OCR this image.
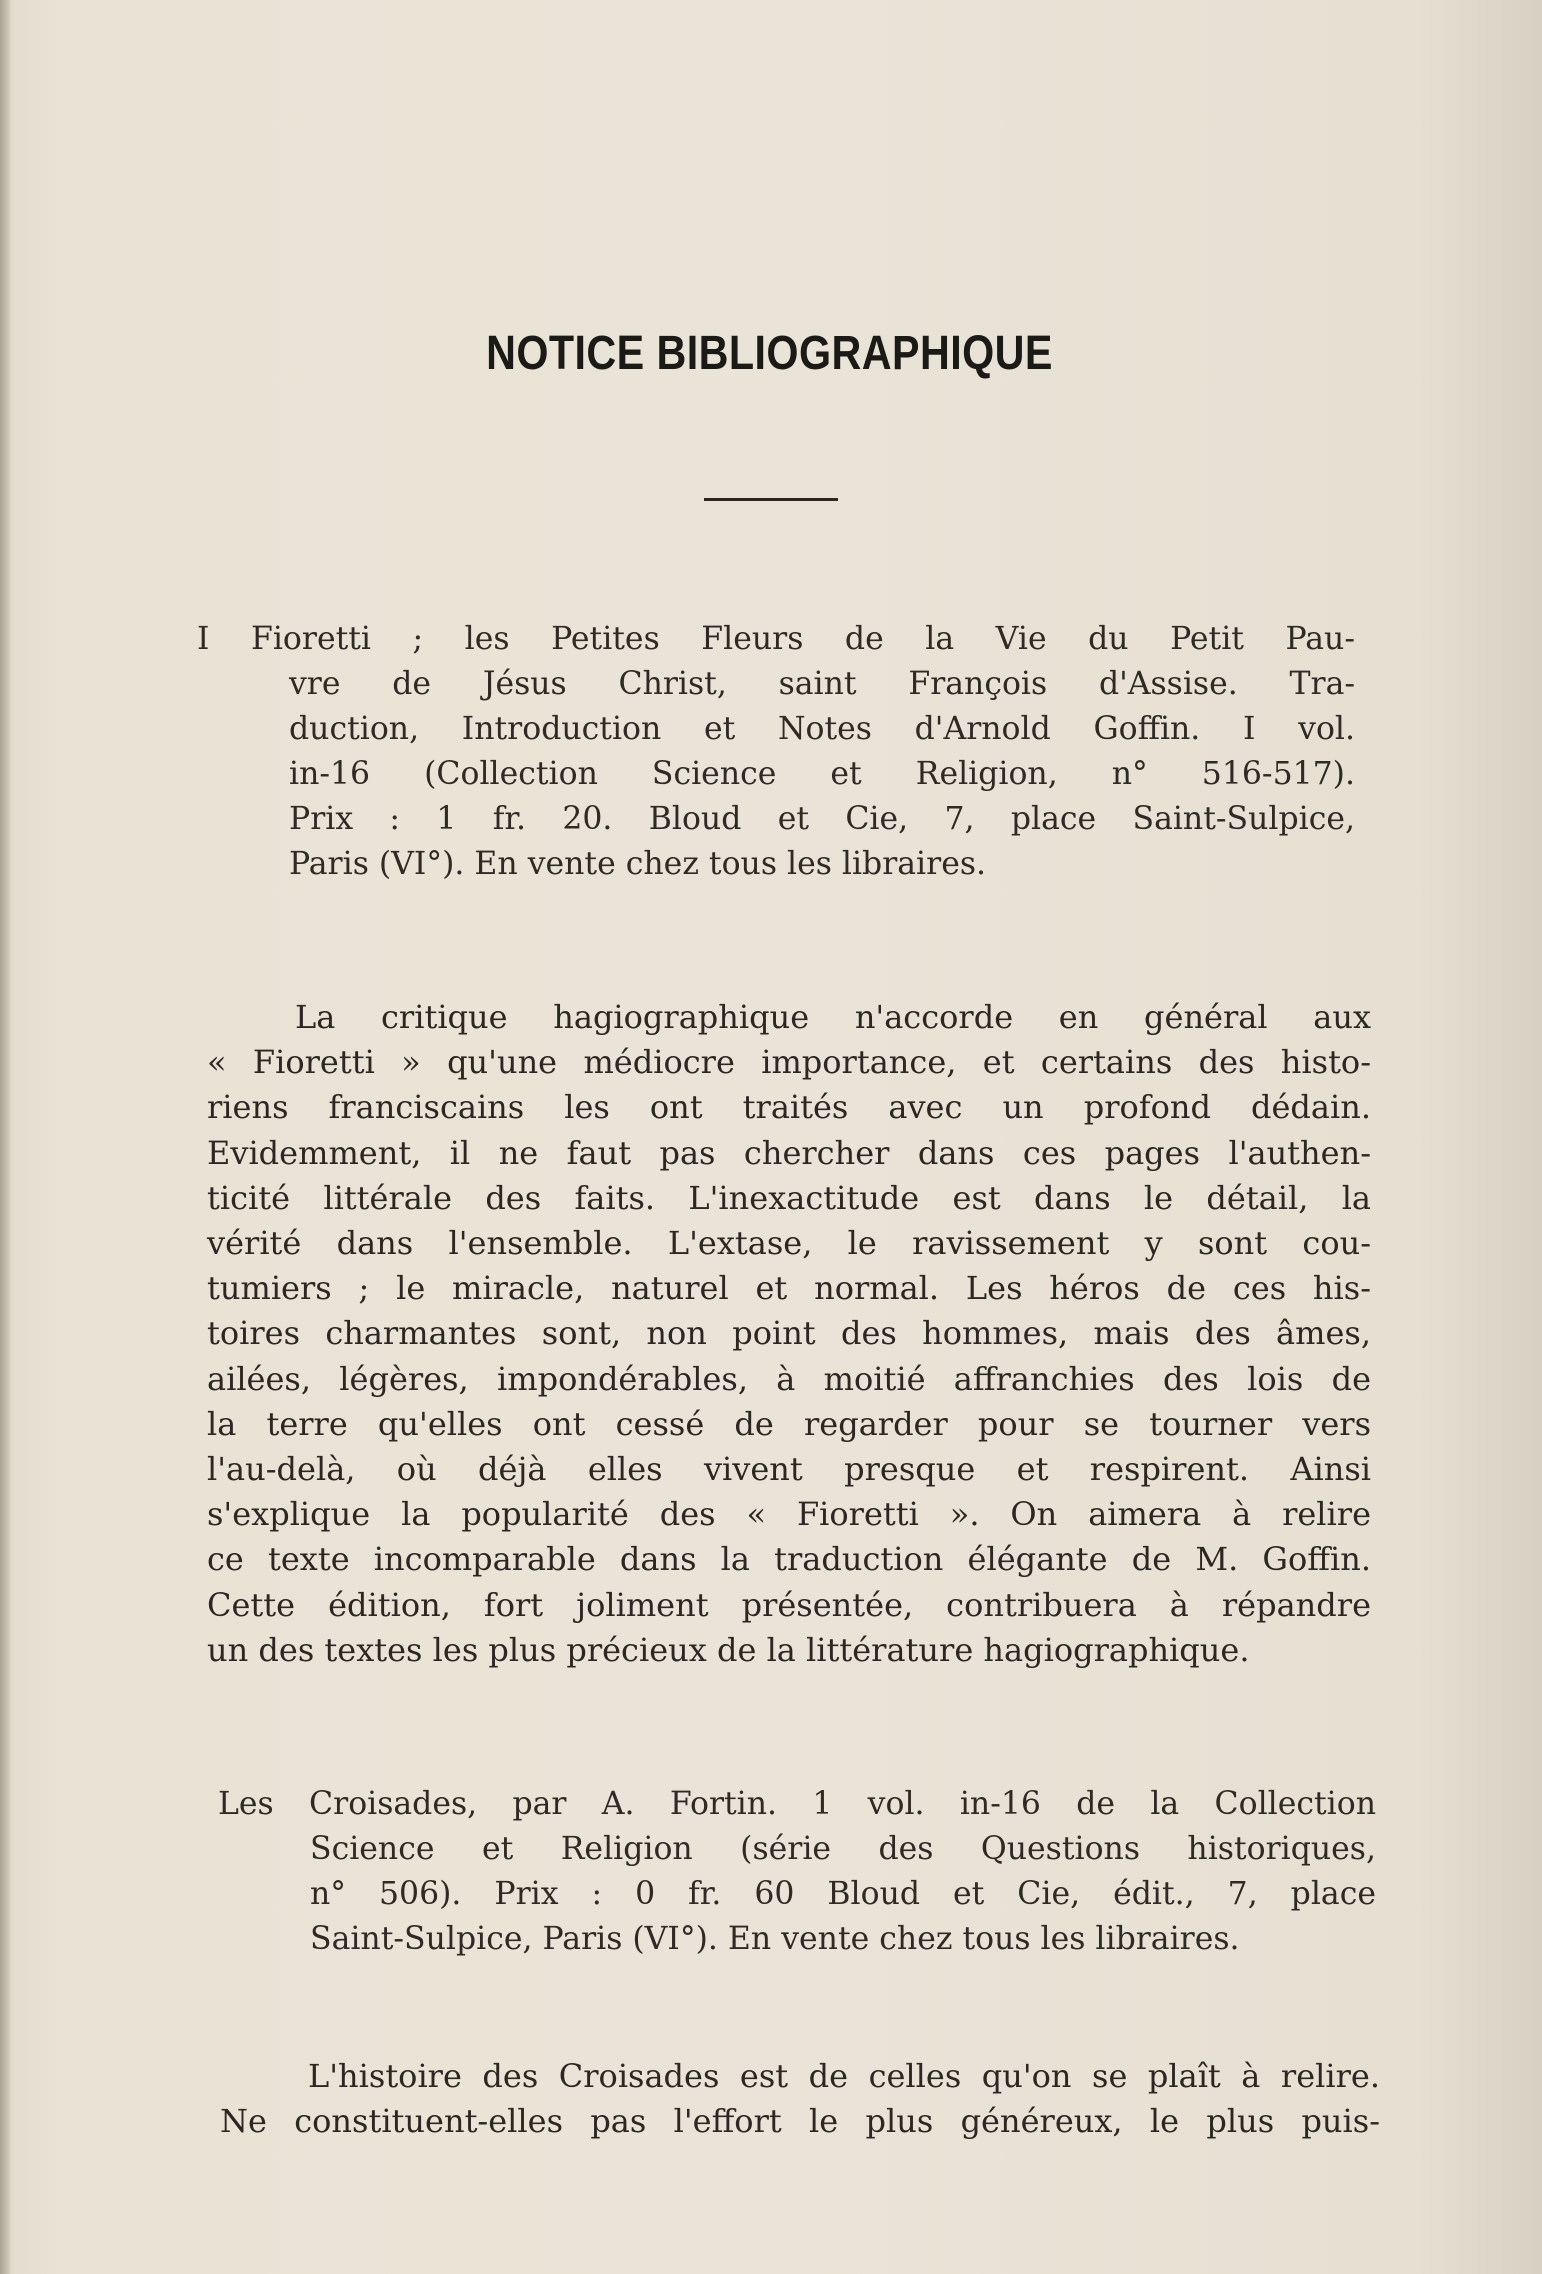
NOTICE BIBLIOGRAPHIQUE
I Fioretti ; les Petites Fleurs de la Vie du Petit Pau-
vre de Jésus Christ, saint François d'Assise. Tra-
duction, Introduction et Notes d'Arnold Goffin. I vol.
in-16 (Collection Science et Religion, n° 516-517).
Prix : 1 fr. 20. Bloud et Cie, 7, place Saint-Sulpice,
Paris (VI°). En vente chez tous les libraires.
La critique hagiographique n'accorde en général aux
« Fioretti » qu'une médiocre importance, et certains des histo-
riens franciscains les ont traités avec un profond dédain.
Evidemment, il ne faut pas chercher dans ces pages l'authen-
ticité littérale des faits. L'inexactitude est dans le détail, la
vérité dans l'ensemble. L'extase, le ravissement y sont cou-
tumiers ; le miracle, naturel et normal. Les héros de ces his-
toires charmantes sont, non point des hommes, mais des âmes,
ailées, légères, impondérables, à moitié affranchies des lois de
la terre qu'elles ont cessé de regarder pour se tourner vers
l'au-delà, où déjà elles vivent presque et respirent. Ainsi
s'explique la popularité des « Fioretti ». On aimera à relire
ce texte incomparable dans la traduction élégante de M. Goffin.
Cette édition, fort joliment présentée, contribuera à répandre
un des textes les plus précieux de la littérature hagiographique.
Les Croisades, par A. Fortin. 1 vol. in-16 de la Collection
Science et Religion (série des Questions historiques,
n° 506). Prix : 0 fr. 60 Bloud et Cie, édit., 7, place
Saint-Sulpice, Paris (VI°). En vente chez tous les libraires.
L'histoire des Croisades est de celles qu'on se plaît à relire.
Ne constituent-elles pas l'effort le plus généreux, le plus puis-
